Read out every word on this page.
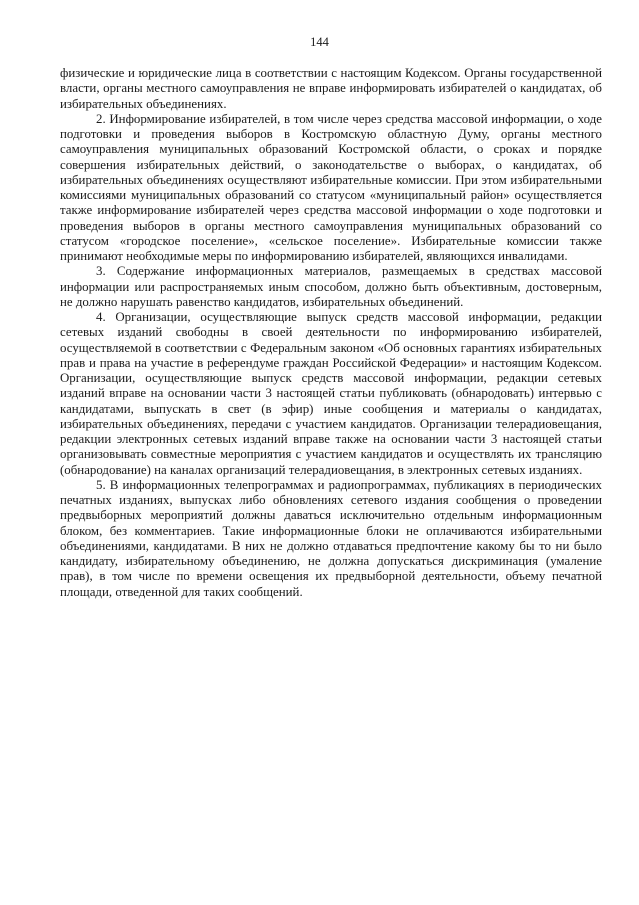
144

физические и юридические лица в соответствии с настоящим Кодексом. Органы государственной власти, органы местного самоуправления не вправе информировать избирателей о кандидатах, об избирательных объединениях.

2. Информирование избирателей, в том числе через средства массовой информации, о ходе подготовки и проведения выборов в Костромскую областную Думу, органы местного самоуправления муниципальных образований Костромской области, о сроках и порядке совершения избирательных действий, о законодательстве о выборах, о кандидатах, об избирательных объединениях осуществляют избирательные комиссии. При этом избирательными комиссиями муниципальных образований со статусом «муниципальный район» осуществляется также информирование избирателей через средства массовой информации о ходе подготовки и проведения выборов в органы местного самоуправления муниципальных образований со статусом «городское поселение», «сельское поселение». Избирательные комиссии также принимают необходимые меры по информированию избирателей, являющихся инвалидами.

3. Содержание информационных материалов, размещаемых в средствах массовой информации или распространяемых иным способом, должно быть объективным, достоверным, не должно нарушать равенство кандидатов, избирательных объединений.

4. Организации, осуществляющие выпуск средств массовой информации, редакции сетевых изданий свободны в своей деятельности по информированию избирателей, осуществляемой в соответствии с Федеральным законом «Об основных гарантиях избирательных прав и права на участие в референдуме граждан Российской Федерации» и настоящим Кодексом. Организации, осуществляющие выпуск средств массовой информации, редакции сетевых изданий вправе на основании части 3 настоящей статьи публиковать (обнародовать) интервью с кандидатами, выпускать в свет (в эфир) иные сообщения и материалы о кандидатах, избирательных объединениях, передачи с участием кандидатов. Организации телерадиовещания, редакции электронных сетевых изданий вправе также на основании части 3 настоящей статьи организовывать совместные мероприятия с участием кандидатов и осуществлять их трансляцию (обнародование) на каналах организаций телерадиовещания, в электронных сетевых изданиях.

5. В информационных телепрограммах и радиопрограммах, публикациях в периодических печатных изданиях, выпусках либо обновлениях сетевого издания сообщения о проведении предвыборных мероприятий должны даваться исключительно отдельным информационным блоком, без комментариев. Такие информационные блоки не оплачиваются избирательными объединениями, кандидатами. В них не должно отдаваться предпочтение какому бы то ни было кандидату, избирательному объединению, не должна допускаться дискриминация (умаление прав), в том числе по времени освещения их предвыборной деятельности, объему печатной площади, отведенной для таких сообщений.
